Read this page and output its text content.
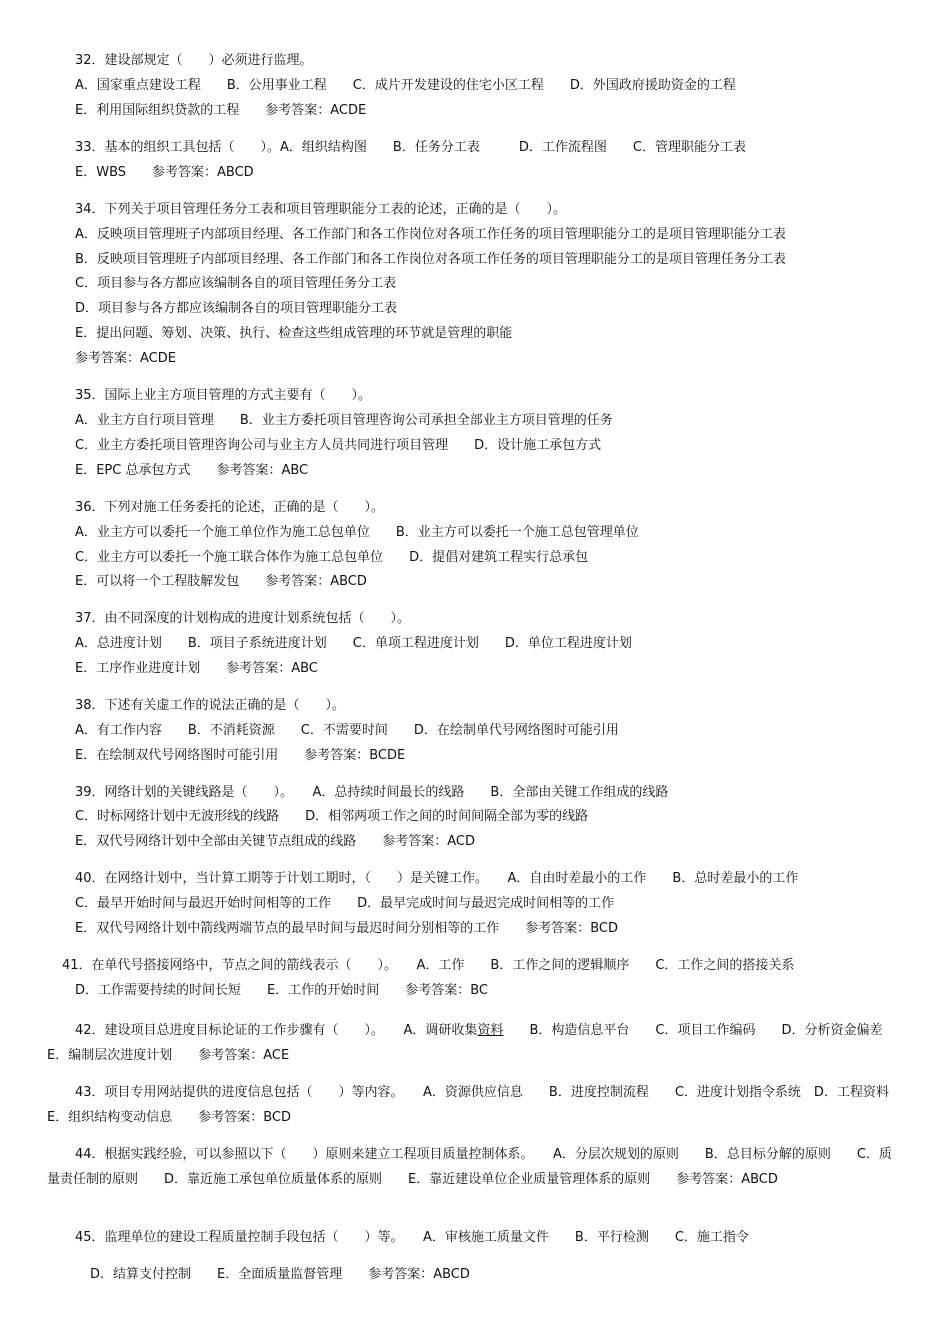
32．建设部规定（　　）必须进行监理。
A．国家重点建设工程　　B．公用事业工程　　C．成片开发建设的住宅小区工程　　D．外国政府援助资金的工程
E．利用国际组织贷款的工程　　参考答案：ACDE
33．基本的组织工具包括（　　）。A．组织结构图　　B．任务分工表　　　D．工作流程图　　C．管理职能分工表
E．WBS　　参考答案：ABCD
34．下列关于项目管理任务分工表和项目管理职能分工表的论述，正确的是（　　）。
A．反映项目管理班子内部项目经理、各工作部门和各工作岗位对各项工作任务的项目管理职能分工的是项目管理职能分工表
B．反映项目管理班子内部项目经理、各工作部门和各工作岗位对各项工作任务的项目管理职能分工的是项目管理任务分工表
C．项目参与各方都应该编制各自的项目管理任务分工表
D．项目参与各方都应该编制各自的项目管理职能分工表
E．提出问题、筹划、决策、执行、检查这些组成管理的环节就是管理的职能
参考答案：ACDE
35．国际上业主方项目管理的方式主要有（　　）。
A．业主方自行项目管理　　B．业主方委托项目管理咨询公司承担全部业主方项目管理的任务
C．业主方委托项目管理咨询公司与业主方人员共同进行项目管理　　D．设计施工承包方式
E．EPC 总承包方式　　参考答案：ABC
36．下列对施工任务委托的论述，正确的是（　　）。
A．业主方可以委托一个施工单位作为施工总包单位　　B．业主方可以委托一个施工总包管理单位
C．业主方可以委托一个施工联合体作为施工总包单位　　D．提倡对建筑工程实行总承包
E．可以将一个工程肢解发包　　参考答案：ABCD
37．由不同深度的计划构成的进度计划系统包括（　　）。
A．总进度计划　　B．项目子系统进度计划　　C．单项工程进度计划　　D．单位工程进度计划
E．工序作业进度计划　　参考答案：ABC
38．下述有关虚工作的说法正确的是（　　）。
A．有工作内容　　B．不消耗资源　　C．不需要时间　　D．在绘制单代号网络图时可能引用
E．在绘制双代号网络图时可能引用　　参考答案：BCDE
39．网络计划的关键线路是（　　）。　　A．总持续时间最长的线路　　B．全部由关键工作组成的线路
C．时标网络计划中无波形线的线路　　D．相邻两项工作之间的时间间隔全部为零的线路
E．双代号网络计划中全部由关键节点组成的线路　　参考答案：ACD
40．在网络计划中，当计算工期等于计划工期时，（　　）是关键工作。　　A．自由时差最小的工作　　B．总时差最小的工作
C．最早开始时间与最迟开始时间相等的工作　　D．最早完成时间与最迟完成时间相等的工作
E．双代号网络计划中箭线两端节点的最早时间与最迟时间分别相等的工作　　参考答案：BCD
41．在单代号搭接网络中，节点之间的箭线表示（　　）。　　A．工作　　B．工作之间的逻辑顺序　　C．工作之间的搭接关系
D．工作需要持续的时间长短　　E．工作的开始时间　　参考答案：BC
42．建设项目总进度目标论证的工作步骤有（　　）。　　A．调研收集资料　　B．构造信息平台　　C．项目工作编码　　D．分析资金偏差　　E．编制层次进度计划　　参考答案：ACE
43．项目专用网站提供的进度信息包括（　　）等内容。　　A．资源供应信息　　B．进度控制流程　　C．进度计划指令系统　D．工程资料　　E．组织结构变动信息　　参考答案：BCD
44．根据实践经验，可以参照以下（　　）原则来建立工程项目质量控制体系。　　A．分层次规划的原则　　B．总目标分解的原则　　C．质量责任制的原则　　D．靠近施工承包单位质量体系的原则　　E．靠近建设单位企业质量管理体系的原则　　参考答案：ABCD
45．监理单位的建设工程质量控制手段包括（　　）等。　　A．审核施工质量文件　　B．平行检测　　C．施工指令
D．结算支付控制　　E．全面质量监督管理　　参考答案：ABCD
